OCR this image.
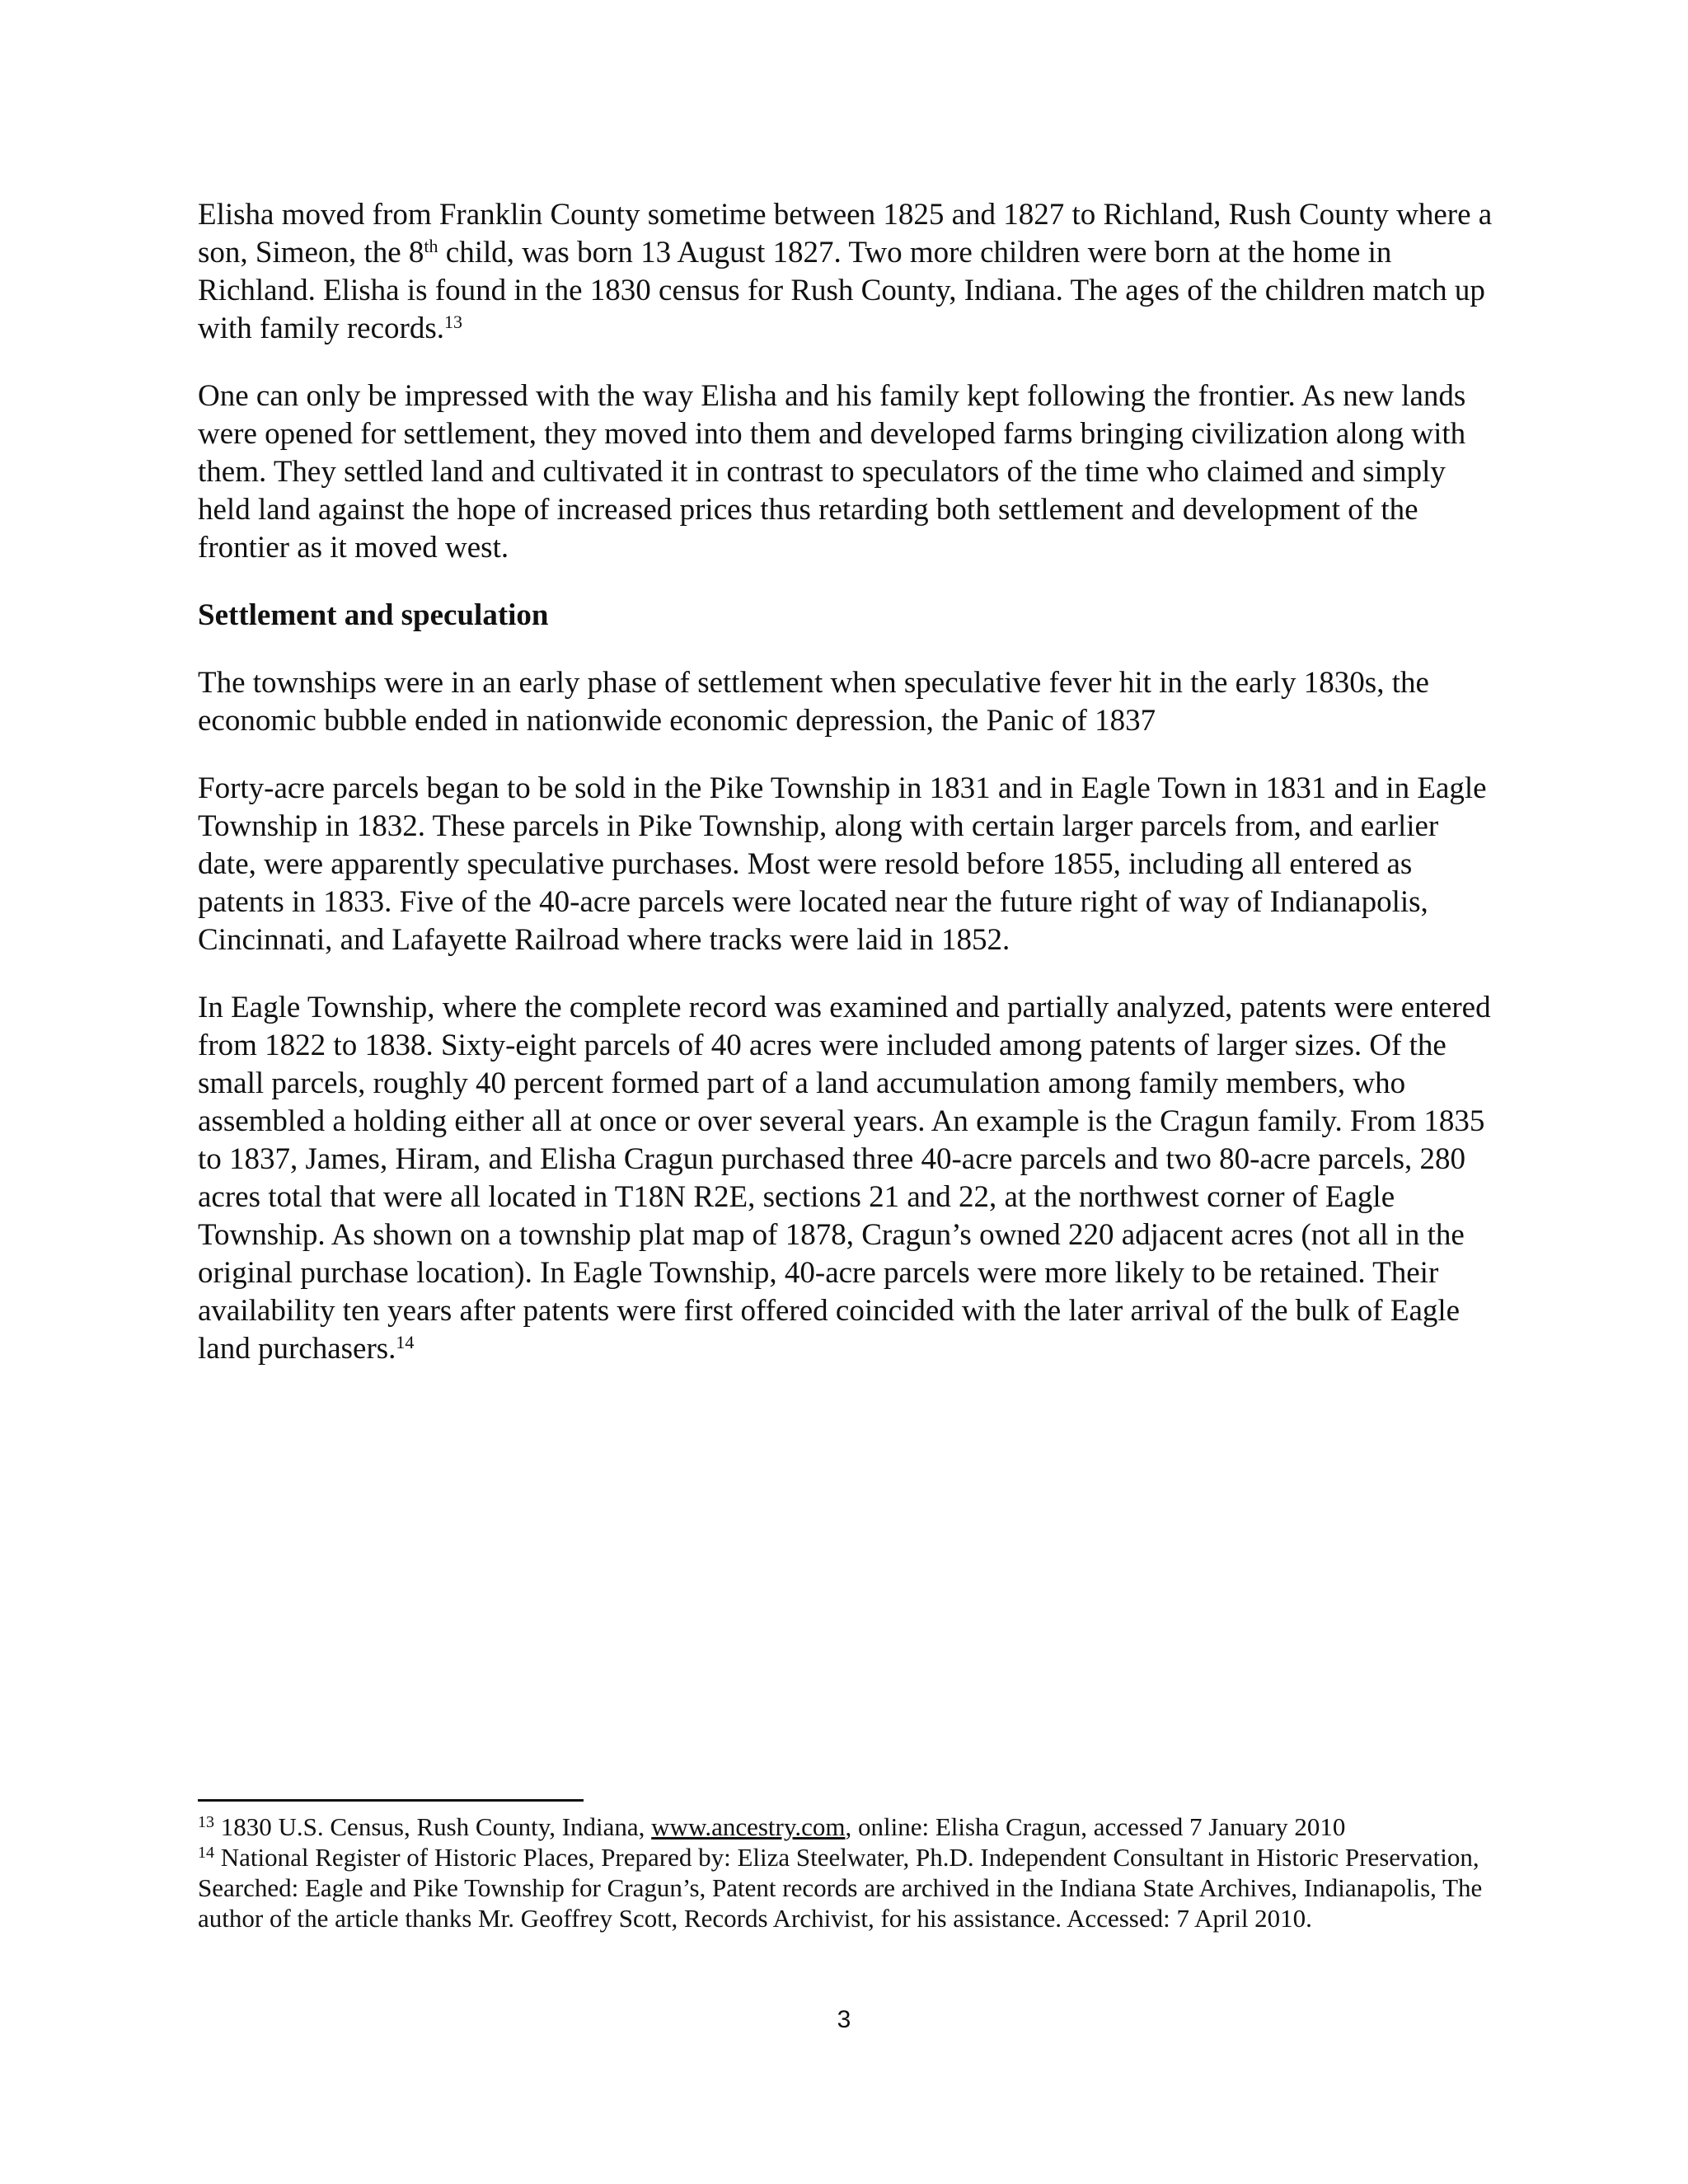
Elisha moved from Franklin County sometime between 1825 and 1827 to Richland, Rush County where a son, Simeon, the 8th child, was born 13 August 1827. Two more children were born at the home in Richland. Elisha is found in the 1830 census for Rush County, Indiana. The ages of the children match up with family records.$^{13}$

One can only be impressed with the way Elisha and his family kept following the frontier. As new lands were opened for settlement, they moved into them and developed farms bringing civilization along with them. They settled land and cultivated it in contrast to speculators of the time who claimed and simply held land against the hope of increased prices thus retarding both settlement and development of the frontier as it moved west.

Settlement and speculation

The townships were in an early phase of settlement when speculative fever hit in the early 1830s, the economic bubble ended in nationwide economic depression, the Panic of 1837

Forty-acre parcels began to be sold in the Pike Township in 1831 and in Eagle Town in 1831 and in Eagle Township in 1832. These parcels in Pike Township, along with certain larger parcels from, and earlier date, were apparently speculative purchases. Most were resold before 1855, including all entered as patents in 1833. Five of the 40-acre parcels were located near the future right of way of Indianapolis, Cincinnati, and Lafayette Railroad where tracks were laid in 1852.

In Eagle Township, where the complete record was examined and partially analyzed, patents were entered from 1822 to 1838. Sixty-eight parcels of 40 acres were included among patents of larger sizes. Of the small parcels, roughly 40 percent formed part of a land accumulation among family members, who assembled a holding either all at once or over several years. An example is the Cragun family. From 1835 to 1837, James, Hiram, and Elisha Cragun purchased three 40-acre parcels and two 80-acre parcels, 280 acres total that were all located in T18N R2E, sections 21 and 22, at the northwest corner of Eagle Township. As shown on a township plat map of 1878, Cragun’s owned 220 adjacent acres (not all in the original purchase location). In Eagle Township, 40-acre parcels were more likely to be retained. Their availability ten years after patents were first offered coincided with the later arrival of the bulk of Eagle land purchasers.$^{14}$

$^{13}$ 1830 U.S. Census, Rush County, Indiana, www.ancestry.com, online: Elisha Cragun, accessed 7 January 2010

$^{14}$ National Register of Historic Places, Prepared by: Eliza Steelwater, Ph.D. Independent Consultant in Historic Preservation, Searched: Eagle and Pike Township for Cragun’s, Patent records are archived in the Indiana State Archives, Indianapolis, The author of the article thanks Mr. Geoffrey Scott, Records Archivist, for his assistance. Accessed: 7 April 2010.

3
